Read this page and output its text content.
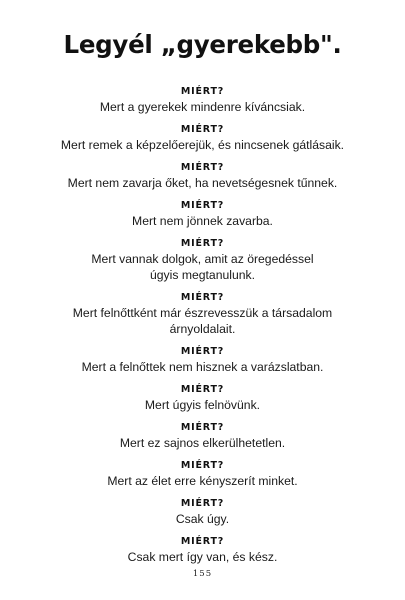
Legyél „gyerekebb".
MIÉRT?
Mert a gyerekek mindenre kíváncsiak.
MIÉRT?
Mert remek a képzelőerejük, és nincsenek gátlásaik.
MIÉRT?
Mert nem zavarja őket, ha nevetségesnek tűnnek.
MIÉRT?
Mert nem jönnek zavarba.
MIÉRT?
Mert vannak dolgok, amit az öregedéssel
úgyis megtanulunk.
MIÉRT?
Mert felnőttként már észrevesszük a társadalom
árnyoldalait.
MIÉRT?
Mert a felnőttek nem hisznek a varázslatban.
MIÉRT?
Mert úgyis felnövünk.
MIÉRT?
Mert ez sajnos elkerülhetetlen.
MIÉRT?
Mert az élet erre kényszerít minket.
MIÉRT?
Csak úgy.
MIÉRT?
Csak mert így van, és kész.
155
